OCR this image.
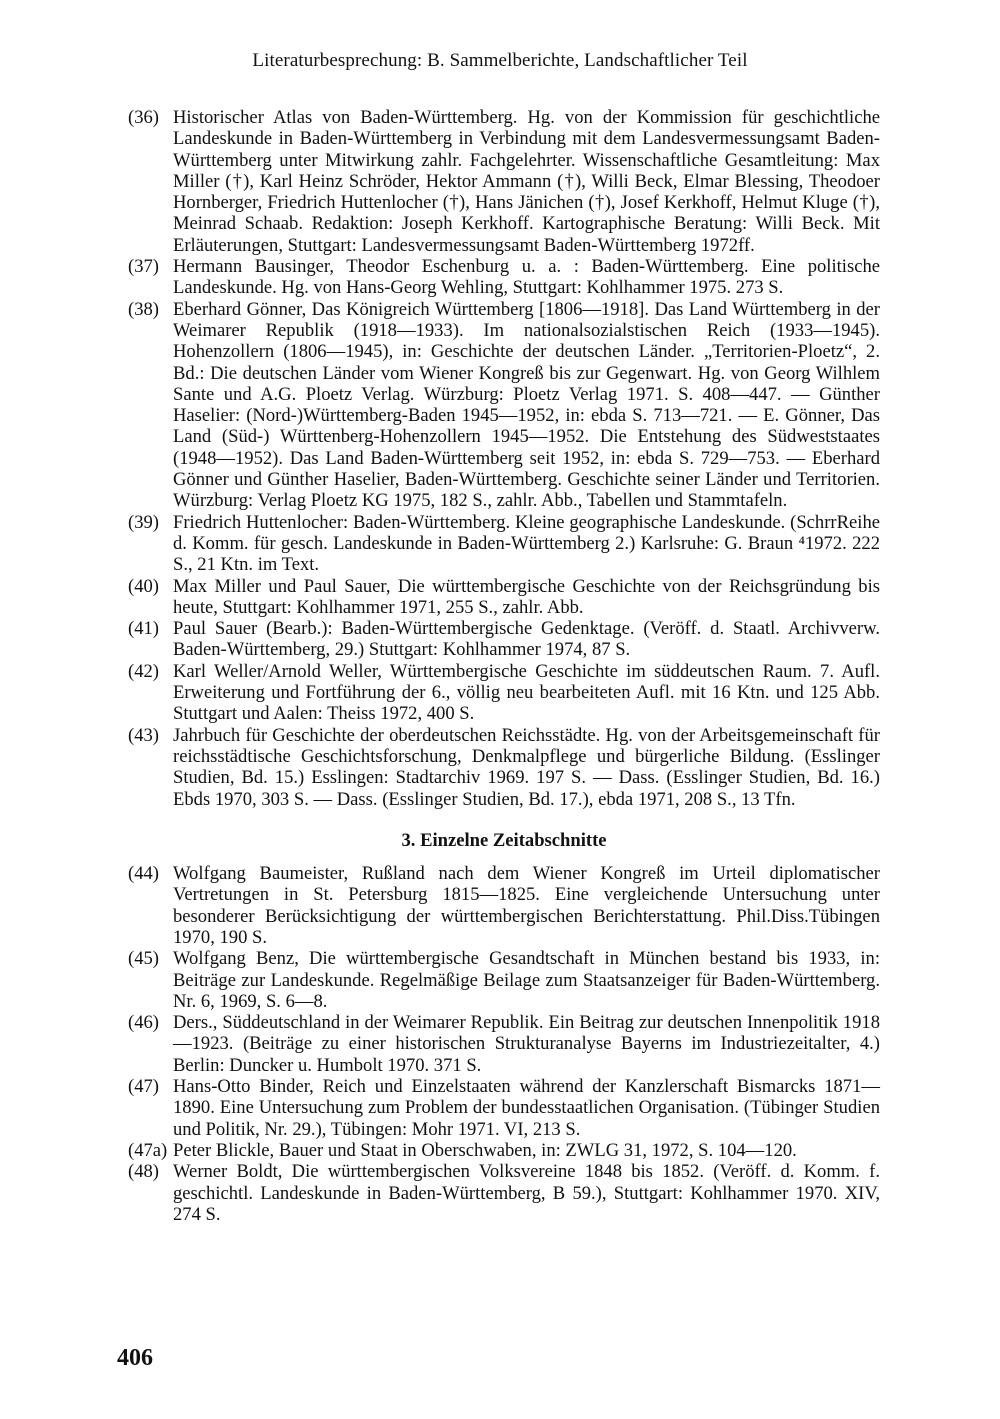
Literaturbesprechung: B. Sammelberichte, Landschaftlicher Teil

(36) Historischer Atlas von Baden-Württemberg. Hg. von der Kommission für geschichtliche Landeskunde in Baden-Württemberg in Verbindung mit dem Landesvermessungsamt Baden-Württemberg unter Mitwirkung zahlr. Fachgelehrter. Wissenschaftliche Gesamtleitung: Max Miller (†), Karl Heinz Schröder, Hektor Ammann (†), Willi Beck, Elmar Blessing, Theodoer Hornberger, Friedrich Huttenlocher (†), Hans Jänichen (†), Josef Kerkhoff, Helmut Kluge (†), Meinrad Schaab. Redaktion: Joseph Kerkhoff. Kartographische Beratung: Willi Beck. Mit Erläuterungen, Stuttgart: Landesvermessungsamt Baden-Württemberg 1972ff.

(37) Hermann Bausinger, Theodor Eschenburg u. a. : Baden-Württemberg. Eine politische Landeskunde. Hg. von Hans-Georg Wehling, Stuttgart: Kohlhammer 1975. 273 S.

(38) Eberhard Gönner, Das Königreich Württemberg [1806—1918]. Das Land Württemberg in der Weimarer Republik (1918—1933). Im nationalsozialstischen Reich (1933—1945). Hohenzollern (1806—1945), in: Geschichte der deutschen Länder. „Territorien-Ploetz“, 2. Bd.: Die deutschen Länder vom Wiener Kongreß bis zur Gegenwart. Hg. von Georg Wilhlem Sante und A.G. Ploetz Verlag. Würzburg: Ploetz Verlag 1971. S. 408—447. — Günther Haselier: (Nord-)Württemberg-Baden 1945—1952, in: ebda S. 713—721. — E. Gönner, Das Land (Süd-) Württenberg-Hohenzollern 1945—1952. Die Entstehung des Südweststaates (1948—1952). Das Land Baden-Württemberg seit 1952, in: ebda S. 729—753. — Eberhard Gönner und Günther Haselier, Baden-Württemberg. Geschichte seiner Länder und Territorien. Würzburg: Verlag Ploetz KG 1975, 182 S., zahlr. Abb., Tabellen und Stammtafeln.

(39) Friedrich Huttenlocher: Baden-Württemberg. Kleine geographische Landeskunde. (SchrrReihe d. Komm. für gesch. Landeskunde in Baden-Württemberg 2.) Karlsruhe: G. Braun ⁴1972. 222 S., 21 Ktn. im Text.

(40) Max Miller und Paul Sauer, Die württembergische Geschichte von der Reichsgründung bis heute, Stuttgart: Kohlhammer 1971, 255 S., zahlr. Abb.

(41) Paul Sauer (Bearb.): Baden-Württembergische Gedenktage. (Veröff. d. Staatl. Archivverw. Baden-Württemberg, 29.) Stuttgart: Kohlhammer 1974, 87 S.

(42) Karl Weller/Arnold Weller, Württembergische Geschichte im süddeutschen Raum. 7. Aufl. Erweiterung und Fortführung der 6., völlig neu bearbeiteten Aufl. mit 16 Ktn. und 125 Abb. Stuttgart und Aalen: Theiss 1972, 400 S.

(43) Jahrbuch für Geschichte der oberdeutschen Reichsstädte. Hg. von der Arbeitsgemeinschaft für reichsstädtische Geschichtsforschung, Denkmalpflege und bürgerliche Bildung. (Esslinger Studien, Bd. 15.) Esslingen: Stadtarchiv 1969. 197 S. — Dass. (Esslinger Studien, Bd. 16.) Ebds 1970, 303 S. — Dass. (Esslinger Studien, Bd. 17.), ebda 1971, 208 S., 13 Tfn.

3. Einzelne Zeitabschnitte

(44) Wolfgang Baumeister, Rußland nach dem Wiener Kongreß im Urteil diplomatischer Vertretungen in St. Petersburg 1815—1825. Eine vergleichende Untersuchung unter besonderer Berücksichtigung der württembergischen Berichterstattung. Phil.Diss.Tübingen 1970, 190 S.

(45) Wolfgang Benz, Die württembergische Gesandtschaft in München bestand bis 1933, in: Beiträge zur Landeskunde. Regelmäßige Beilage zum Staatsanzeiger für Baden-Württemberg. Nr. 6, 1969, S. 6—8.

(46) Ders., Süddeutschland in der Weimarer Republik. Ein Beitrag zur deutschen Innenpolitik 1918—1923. (Beiträge zu einer historischen Strukturanalyse Bayerns im Industriezeitalter, 4.) Berlin: Duncker u. Humbolt 1970. 371 S.

(47) Hans-Otto Binder, Reich und Einzelstaaten während der Kanzlerschaft Bismarcks 1871—1890. Eine Untersuchung zum Problem der bundesstaatlichen Organisation. (Tübinger Studien und Politik, Nr. 29.), Tübingen: Mohr 1971. VI, 213 S.

(47a) Peter Blickle, Bauer und Staat in Oberschwaben, in: ZWLG 31, 1972, S. 104—120.

(48) Werner Boldt, Die württembergischen Volksvereine 1848 bis 1852. (Veröff. d. Komm. f. geschichtl. Landeskunde in Baden-Württemberg, B 59.), Stuttgart: Kohlhammer 1970. XIV, 274 S.

406
